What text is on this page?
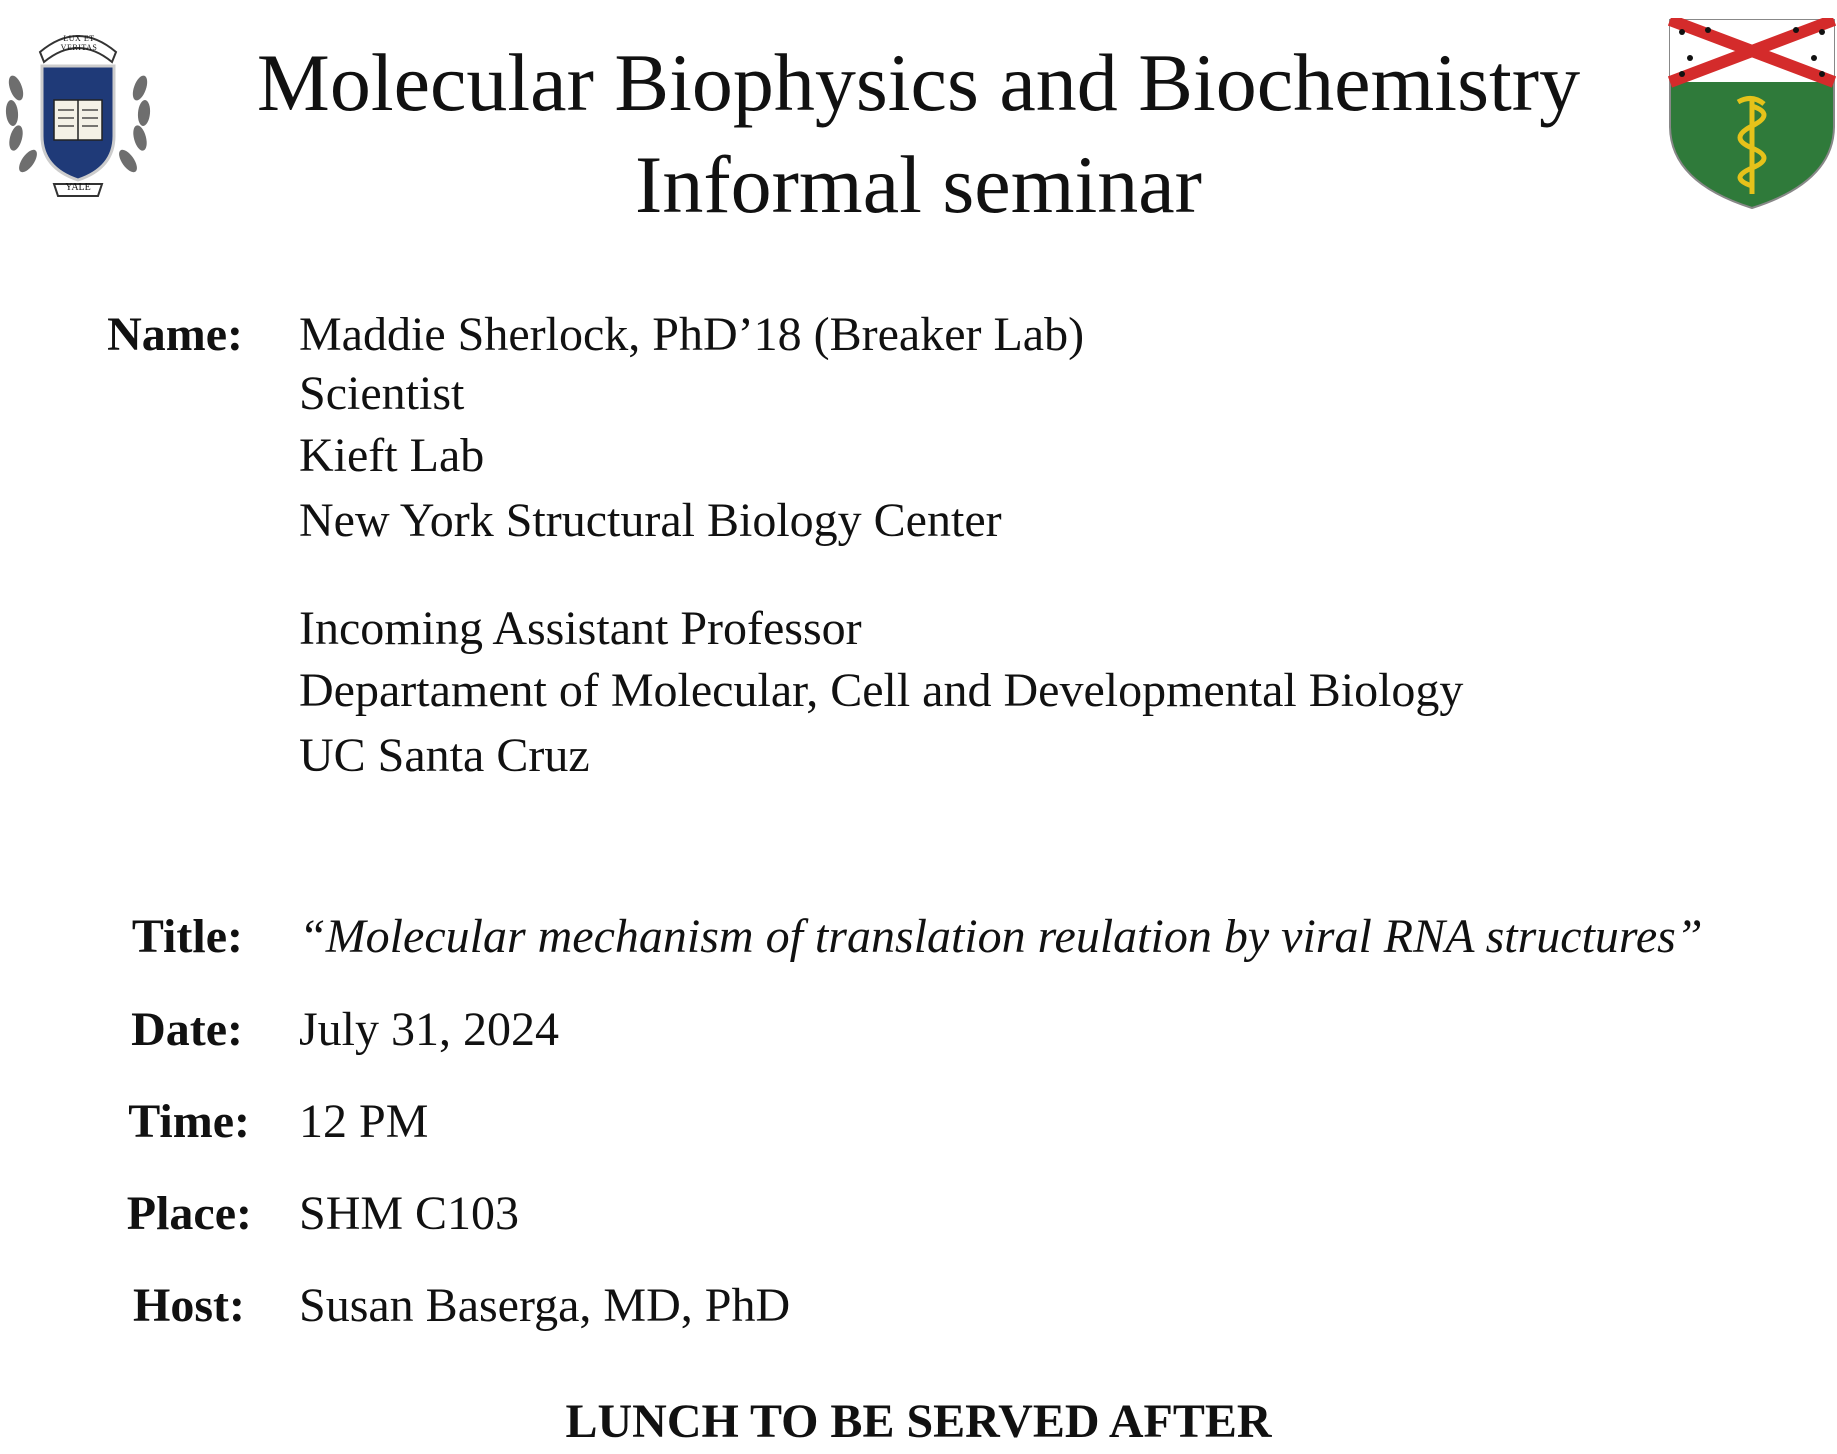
LUX ET VERITAS
YALE
Molecular Biophysics and Biochemistry
Informal seminar
Name: Maddie Sherlock, PhD’18 (Breaker Lab)
Scientist
Kieft Lab
New York Structural Biology Center
Incoming Assistant Professor
Departament of Molecular, Cell and Developmental Biology
UC Santa Cruz
Title: “Molecular mechanism of translation reulation by viral RNA structures”
Date: July 31, 2024
Time: 12 PM
Place: SHM C103
Host: Susan Baserga, MD, PhD
LUNCH TO BE SERVED AFTER
